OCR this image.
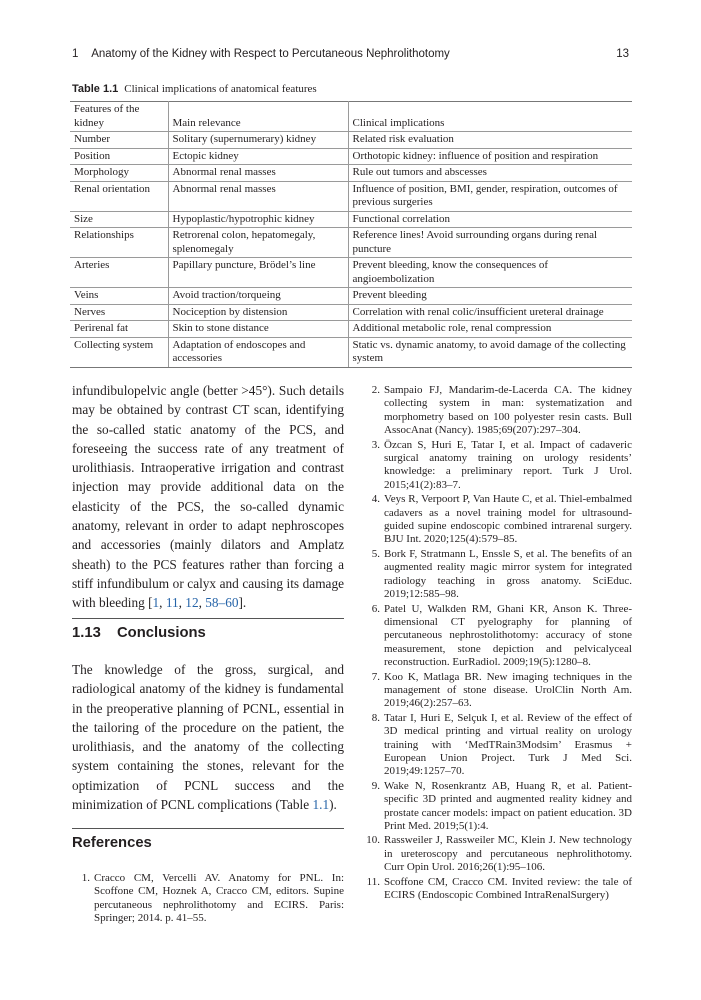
1 Anatomy of the Kidney with Respect to Percutaneous Nephrolithotomy	13
Table 1.1 Clinical implications of anatomical features
Features of the kidney	Main relevance	Clinical implications
Number	Solitary (supernumerary) kidney	Related risk evaluation
Position	Ectopic kidney	Orthotopic kidney: influence of position and respiration
Morphology	Abnormal renal masses	Rule out tumors and abscesses
Renal orientation	Abnormal renal masses	Influence of position, BMI, gender, respiration, outcomes of previous surgeries
Size	Hypoplastic/hypotrophic kidney	Functional correlation
Relationships	Retrorenal colon, hepatomegaly, splenomegaly	Reference lines! Avoid surrounding organs during renal puncture
Arteries	Papillary puncture, Brödel’s line	Prevent bleeding, know the consequences of angioembolization
Veins	Avoid traction/torqueing	Prevent bleeding
Nerves	Nociception by distension	Correlation with renal colic/insufficient ureteral drainage
Perirenal fat	Skin to stone distance	Additional metabolic role, renal compression
Collecting system	Adaptation of endoscopes and accessories	Static vs. dynamic anatomy, to avoid damage of the collecting system

infundibulopelvic angle (better >45°). Such details may be obtained by contrast CT scan, identifying the so-called static anatomy of the PCS, and foreseeing the success rate of any treatment of urolithiasis. Intraoperative irrigation and contrast injection may provide additional data on the elasticity of the PCS, the so-called dynamic anatomy, relevant in order to adapt nephroscopes and accessories (mainly dilators and Amplatz sheath) to the PCS features rather than forcing a stiff infundibulum or calyx and causing its damage with bleeding [1, 11, 12, 58–60].

1.13 Conclusions

The knowledge of the gross, surgical, and radiological anatomy of the kidney is fundamental in the preoperative planning of PCNL, essential in the tailoring of the procedure on the patient, the urolithiasis, and the anatomy of the collecting system containing the stones, relevant for the optimization of PCNL success and the minimization of PCNL complications (Table 1.1).

References
1. Cracco CM, Vercelli AV. Anatomy for PNL. In: Scoffone CM, Hoznek A, Cracco CM, editors. Supine percutaneous nephrolithotomy and ECIRS. Paris: Springer; 2014. p. 41–55.
2. Sampaio FJ, Mandarim-de-Lacerda CA. The kidney collecting system in man: systematization and morphometry based on 100 polyester resin casts. Bull AssocAnat (Nancy). 1985;69(207):297–304.
3. Özcan S, Huri E, Tatar I, et al. Impact of cadaveric surgical anatomy training on urology residents’ knowledge: a preliminary report. Turk J Urol. 2015;41(2):83–7.
4. Veys R, Verpoort P, Van Haute C, et al. Thiel-embalmed cadavers as a novel training model for ultrasound-guided supine endoscopic combined intrarenal surgery. BJU Int. 2020;125(4):579–85.
5. Bork F, Stratmann L, Enssle S, et al. The benefits of an augmented reality magic mirror system for integrated radiology teaching in gross anatomy. SciEduc. 2019;12:585–98.
6. Patel U, Walkden RM, Ghani KR, Anson K. Three-dimensional CT pyelography for planning of percutaneous nephrostolithotomy: accuracy of stone measurement, stone depiction and pelvicalyceal reconstruction. EurRadiol. 2009;19(5):1280–8.
7. Koo K, Matlaga BR. New imaging techniques in the management of stone disease. UrolClin North Am. 2019;46(2):257–63.
8. Tatar I, Huri E, Selçuk I, et al. Review of the effect of 3D medical printing and virtual reality on urology training with ‘MedTRain3Modsim’ Erasmus + European Union Project. Turk J Med Sci. 2019;49:1257–70.
9. Wake N, Rosenkrantz AB, Huang R, et al. Patient-specific 3D printed and augmented reality kidney and prostate cancer models: impact on patient education. 3D Print Med. 2019;5(1):4.
10. Rassweiler J, Rassweiler MC, Klein J. New technology in ureteroscopy and percutaneous nephrolithotomy. Curr Opin Urol. 2016;26(1):95–106.
11. Scoffone CM, Cracco CM. Invited review: the tale of ECIRS (Endoscopic Combined IntraRenalSurgery)
